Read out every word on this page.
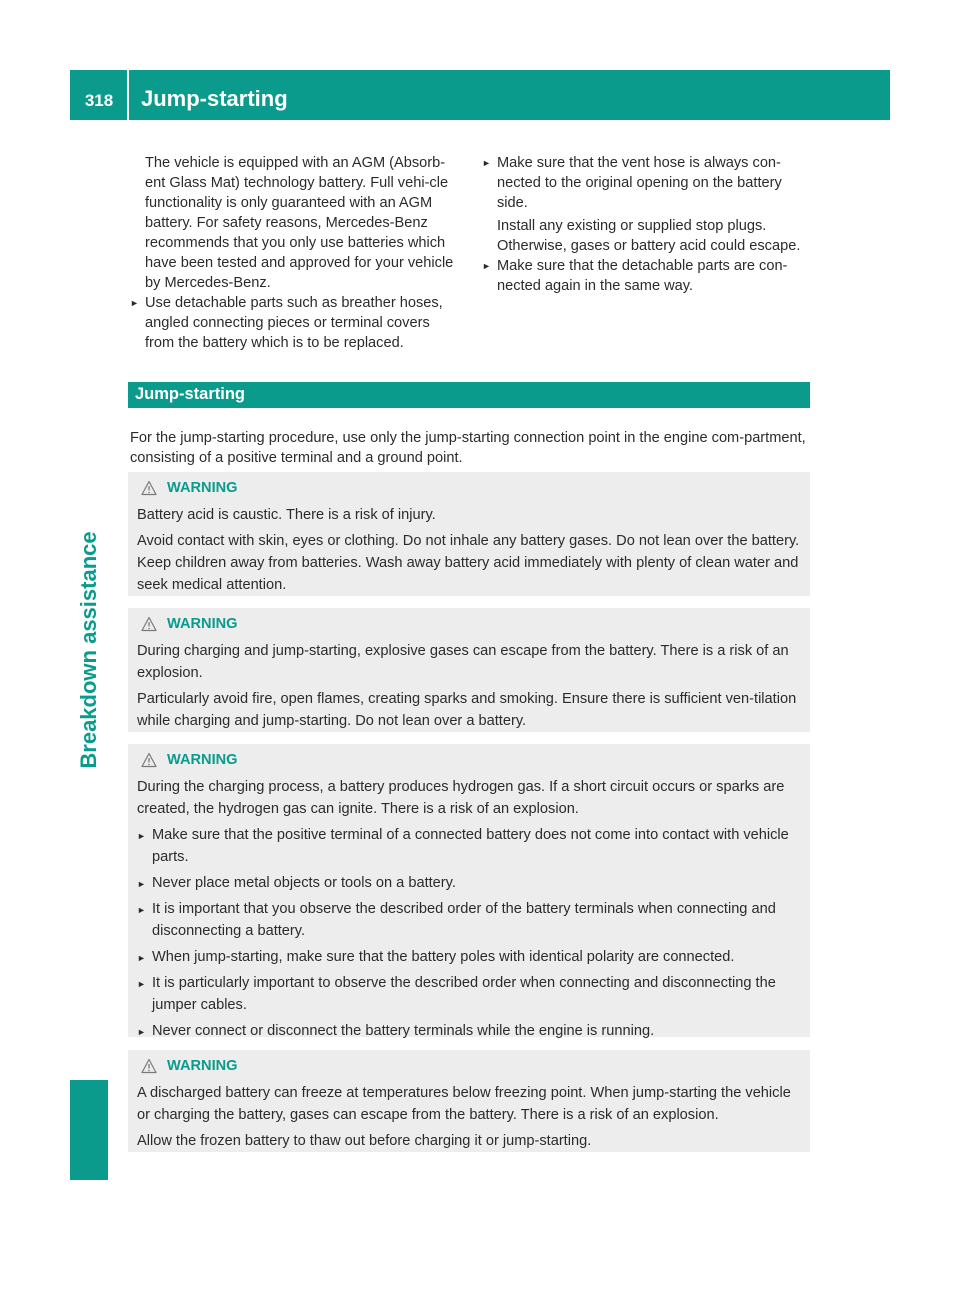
318	Jump-starting
Breakdown assistance

The vehicle is equipped with an AGM (Absorb-ent Glass Mat) technology battery. Full vehi-cle functionality is only guaranteed with an AGM battery. For safety reasons, Mercedes-Benz recommends that you only use batteries which have been tested and approved for your vehicle by Mercedes-Benz.

► Use detachable parts such as breather hoses, angled connecting pieces or terminal covers from the battery which is to be replaced.

► Make sure that the vent hose is always con-nected to the original opening on the battery side.

Install any existing or supplied stop plugs. Otherwise, gases or battery acid could escape.

► Make sure that the detachable parts are con-nected again in the same way.

Jump-starting
For the jump-starting procedure, use only the jump-starting connection point in the engine com-partment, consisting of a positive terminal and a ground point.
WARNING

Battery acid is caustic. There is a risk of injury.

Avoid contact with skin, eyes or clothing. Do not inhale any battery gases. Do not lean over the battery. Keep children away from batteries. Wash away battery acid immediately with plenty of clean water and seek medical attention.

WARNING

During charging and jump-starting, explosive gases can escape from the battery. There is a risk of an explosion.

Particularly avoid fire, open flames, creating sparks and smoking. Ensure there is sufficient ven-tilation while charging and jump-starting. Do not lean over a battery.

WARNING

During the charging process, a battery produces hydrogen gas. If a short circuit occurs or sparks are created, the hydrogen gas can ignite. There is a risk of an explosion.

► Make sure that the positive terminal of a connected battery does not come into contact with vehicle parts.

► Never place metal objects or tools on a battery.

► It is important that you observe the described order of the battery terminals when connecting and disconnecting a battery.

► When jump-starting, make sure that the battery poles with identical polarity are connected.

► It is particularly important to observe the described order when connecting and disconnecting the jumper cables.

► Never connect or disconnect the battery terminals while the engine is running.

WARNING

A discharged battery can freeze at temperatures below freezing point. When jump-starting the vehicle or charging the battery, gases can escape from the battery. There is a risk of an explosion.

Allow the frozen battery to thaw out before charging it or jump-starting.
